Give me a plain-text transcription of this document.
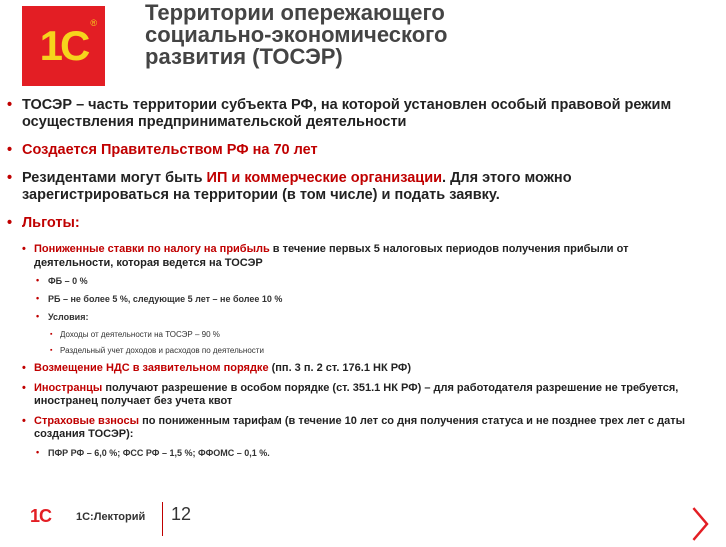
1С ® Территории опережающего
социально-экономического
развития (ТОСЭР)
• ТОСЭР – часть территории субъекта РФ, на которой установлен особый правовой режим осуществления предпринимательской деятельности
• Создается Правительством РФ на 70 лет
• Резидентами могут быть ИП и коммерческие организации. Для этого можно зарегистрироваться на территории (в том числе) и подать заявку.
• Льготы:
• Пониженные ставки по налогу на прибыль в течение первых 5 налоговых периодов получения прибыли от деятельности, которая ведется на ТОСЭР
• ФБ – 0 %
• РБ – не более 5 %, следующие 5 лет – не более 10 %
• Условия:
▪ Доходы от деятельности на ТОСЭР – 90 %
▪ Раздельный учет доходов и расходов по деятельности
• Возмещение НДС в заявительном порядке (пп. 3 п. 2 ст. 176.1 НК РФ)
• Иностранцы получают разрешение в особом порядке (ст. 351.1 НК РФ) – для работодателя разрешение не требуется, иностранец получает без учета квот
• Страховые взносы по пониженным тарифам (в течение 10 лет со дня получения статуса и не позднее трех лет с даты создания ТОСЭР):
• ПФР РФ – 6,0 %; ФСС РФ – 1,5 %; ФФОМС – 0,1 %.
1С	1С:Лекторий 12	〉
